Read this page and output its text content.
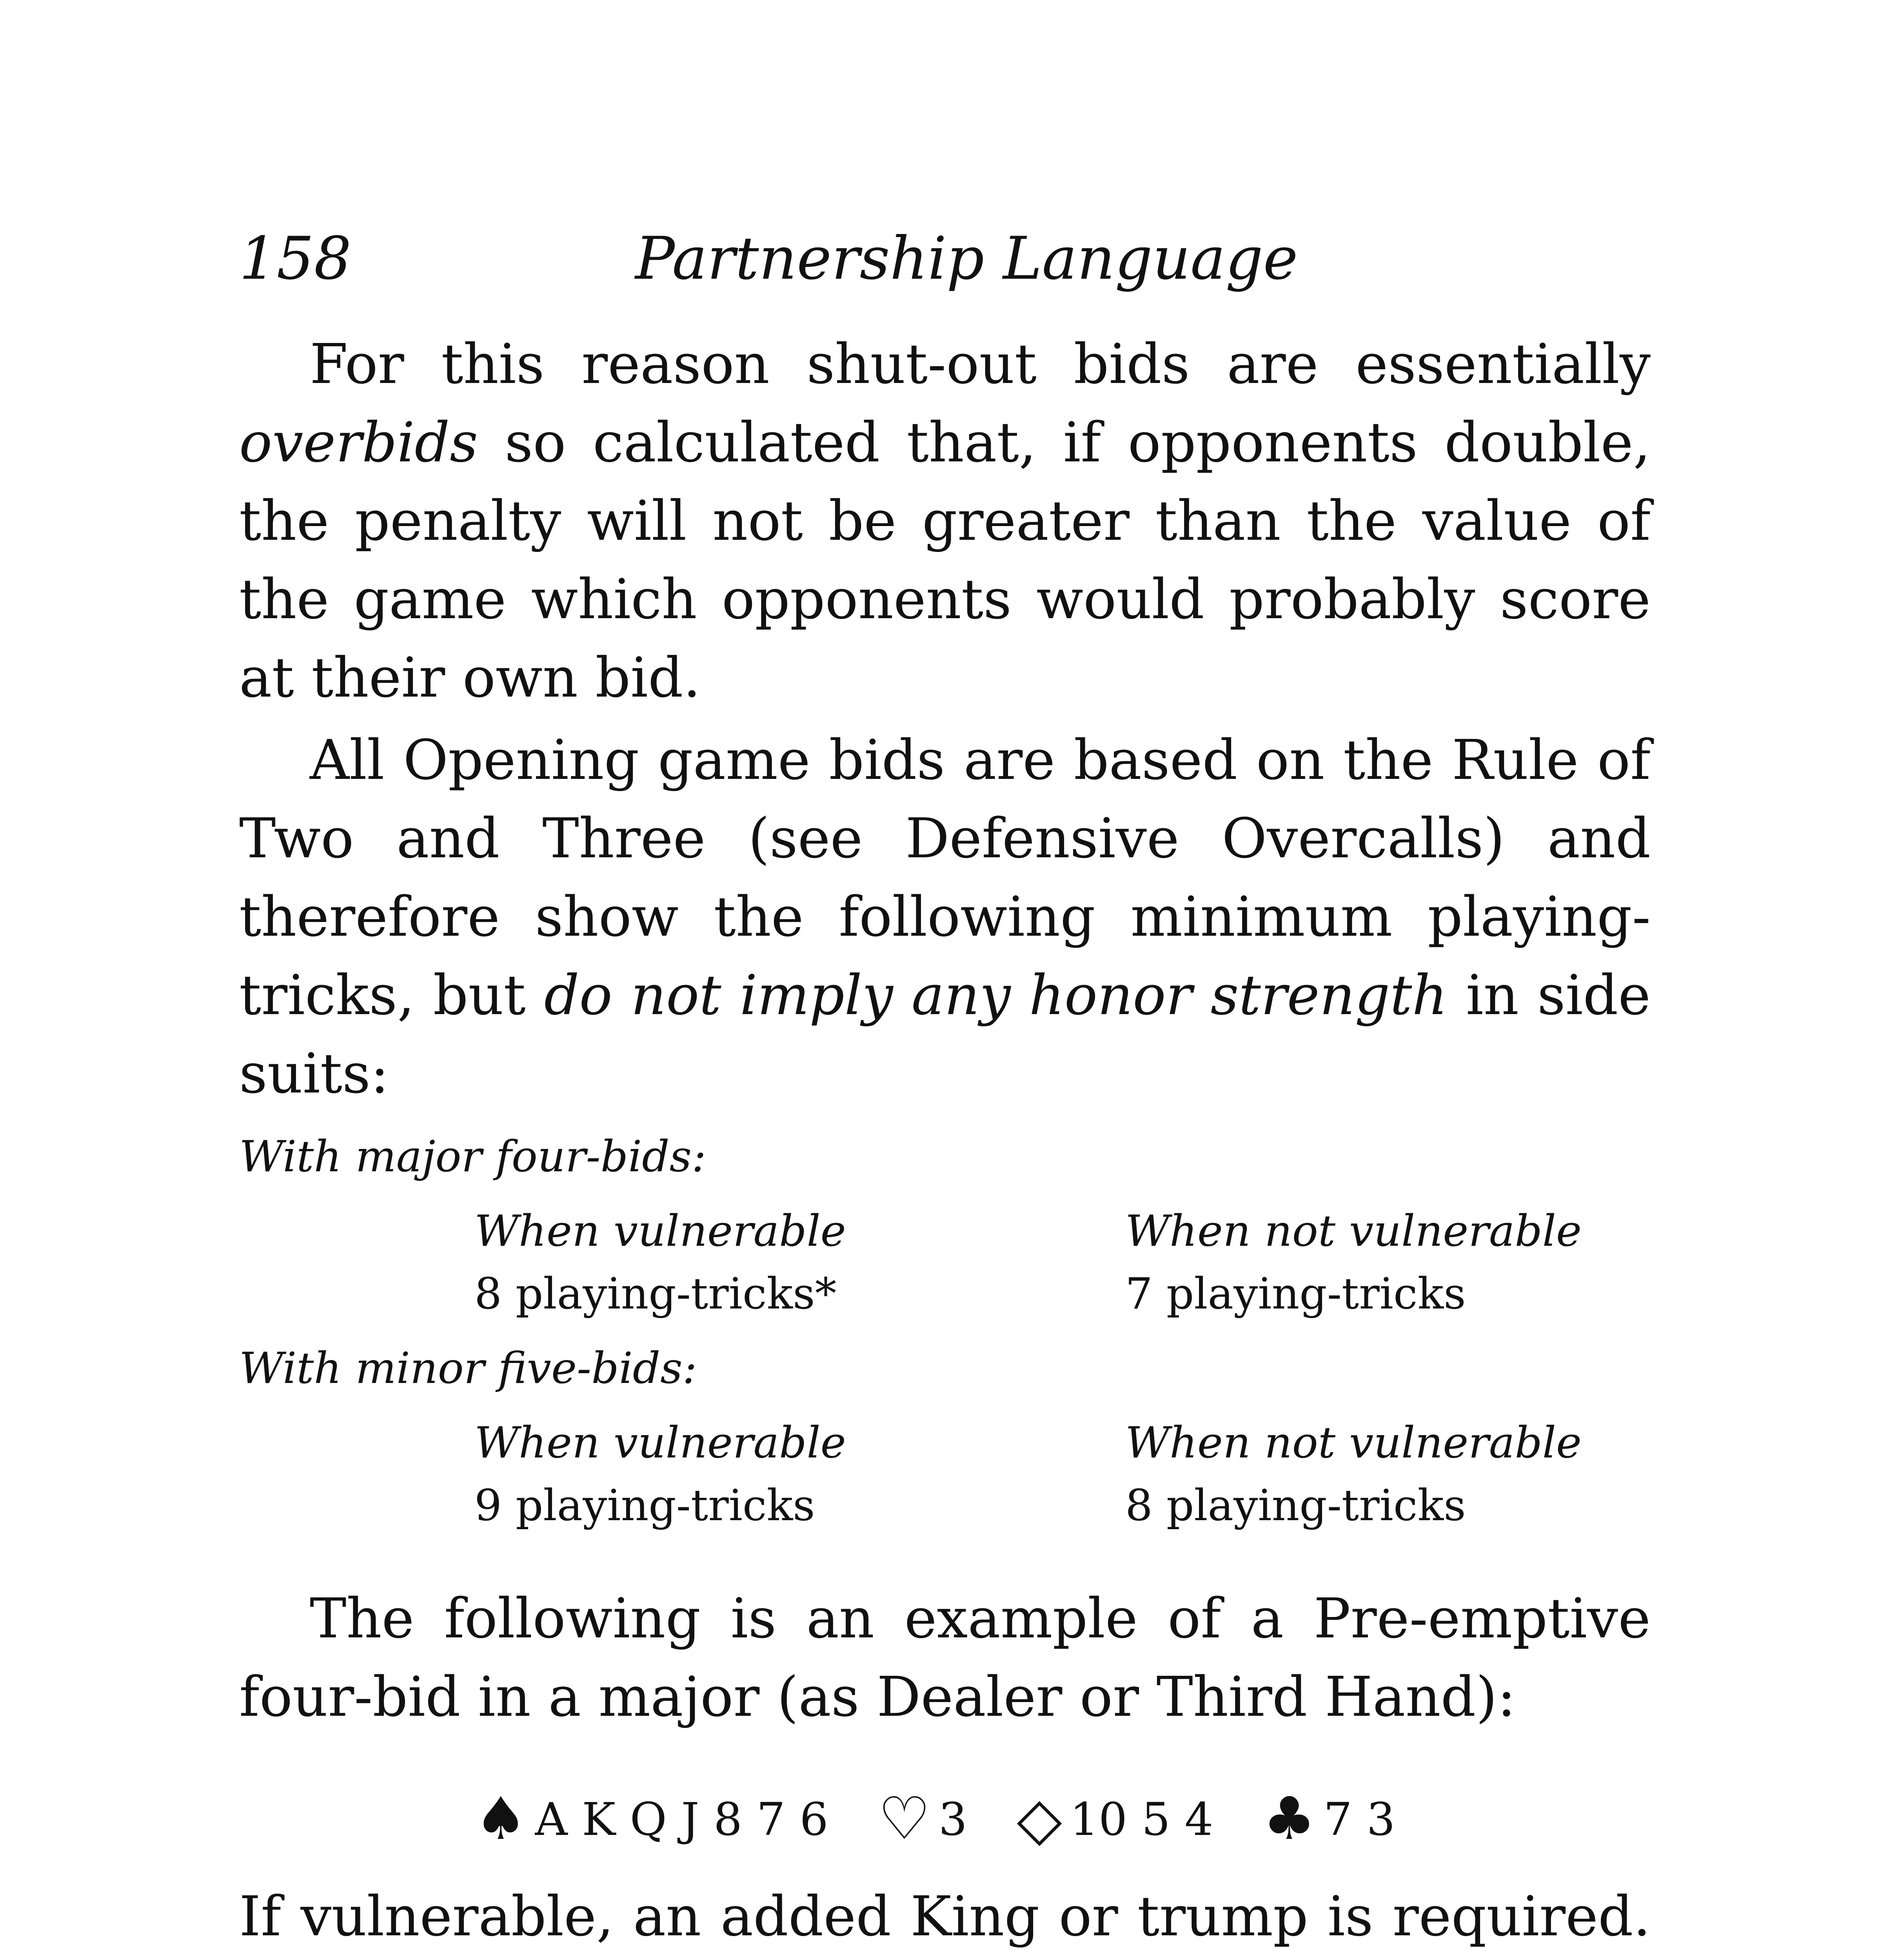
158	Partnership Language
For this reason shut-out bids are essentially overbids so calculated that, if opponents double, the penalty will not be greater than the value of the game which opponents would probably score at their own bid.
All Opening game bids are based on the Rule of Two and Three (see Defensive Overcalls) and therefore show the following minimum playing-tricks, but do not imply any honor strength in side suits:
With major four-bids:
When vulnerable	When not vulnerable
8 playing-tricks*	7 playing-tricks
With minor five-bids:
When vulnerable	When not vulnerable
9 playing-tricks	8 playing-tricks
The following is an example of a Pre-emptive four-bid in a major (as Dealer or Third Hand):
♠ A K Q J 8 7 6 ♡ 3 ◇ 10 5 4 ♣ 7 3
If vulnerable, an added King or trump is required.
